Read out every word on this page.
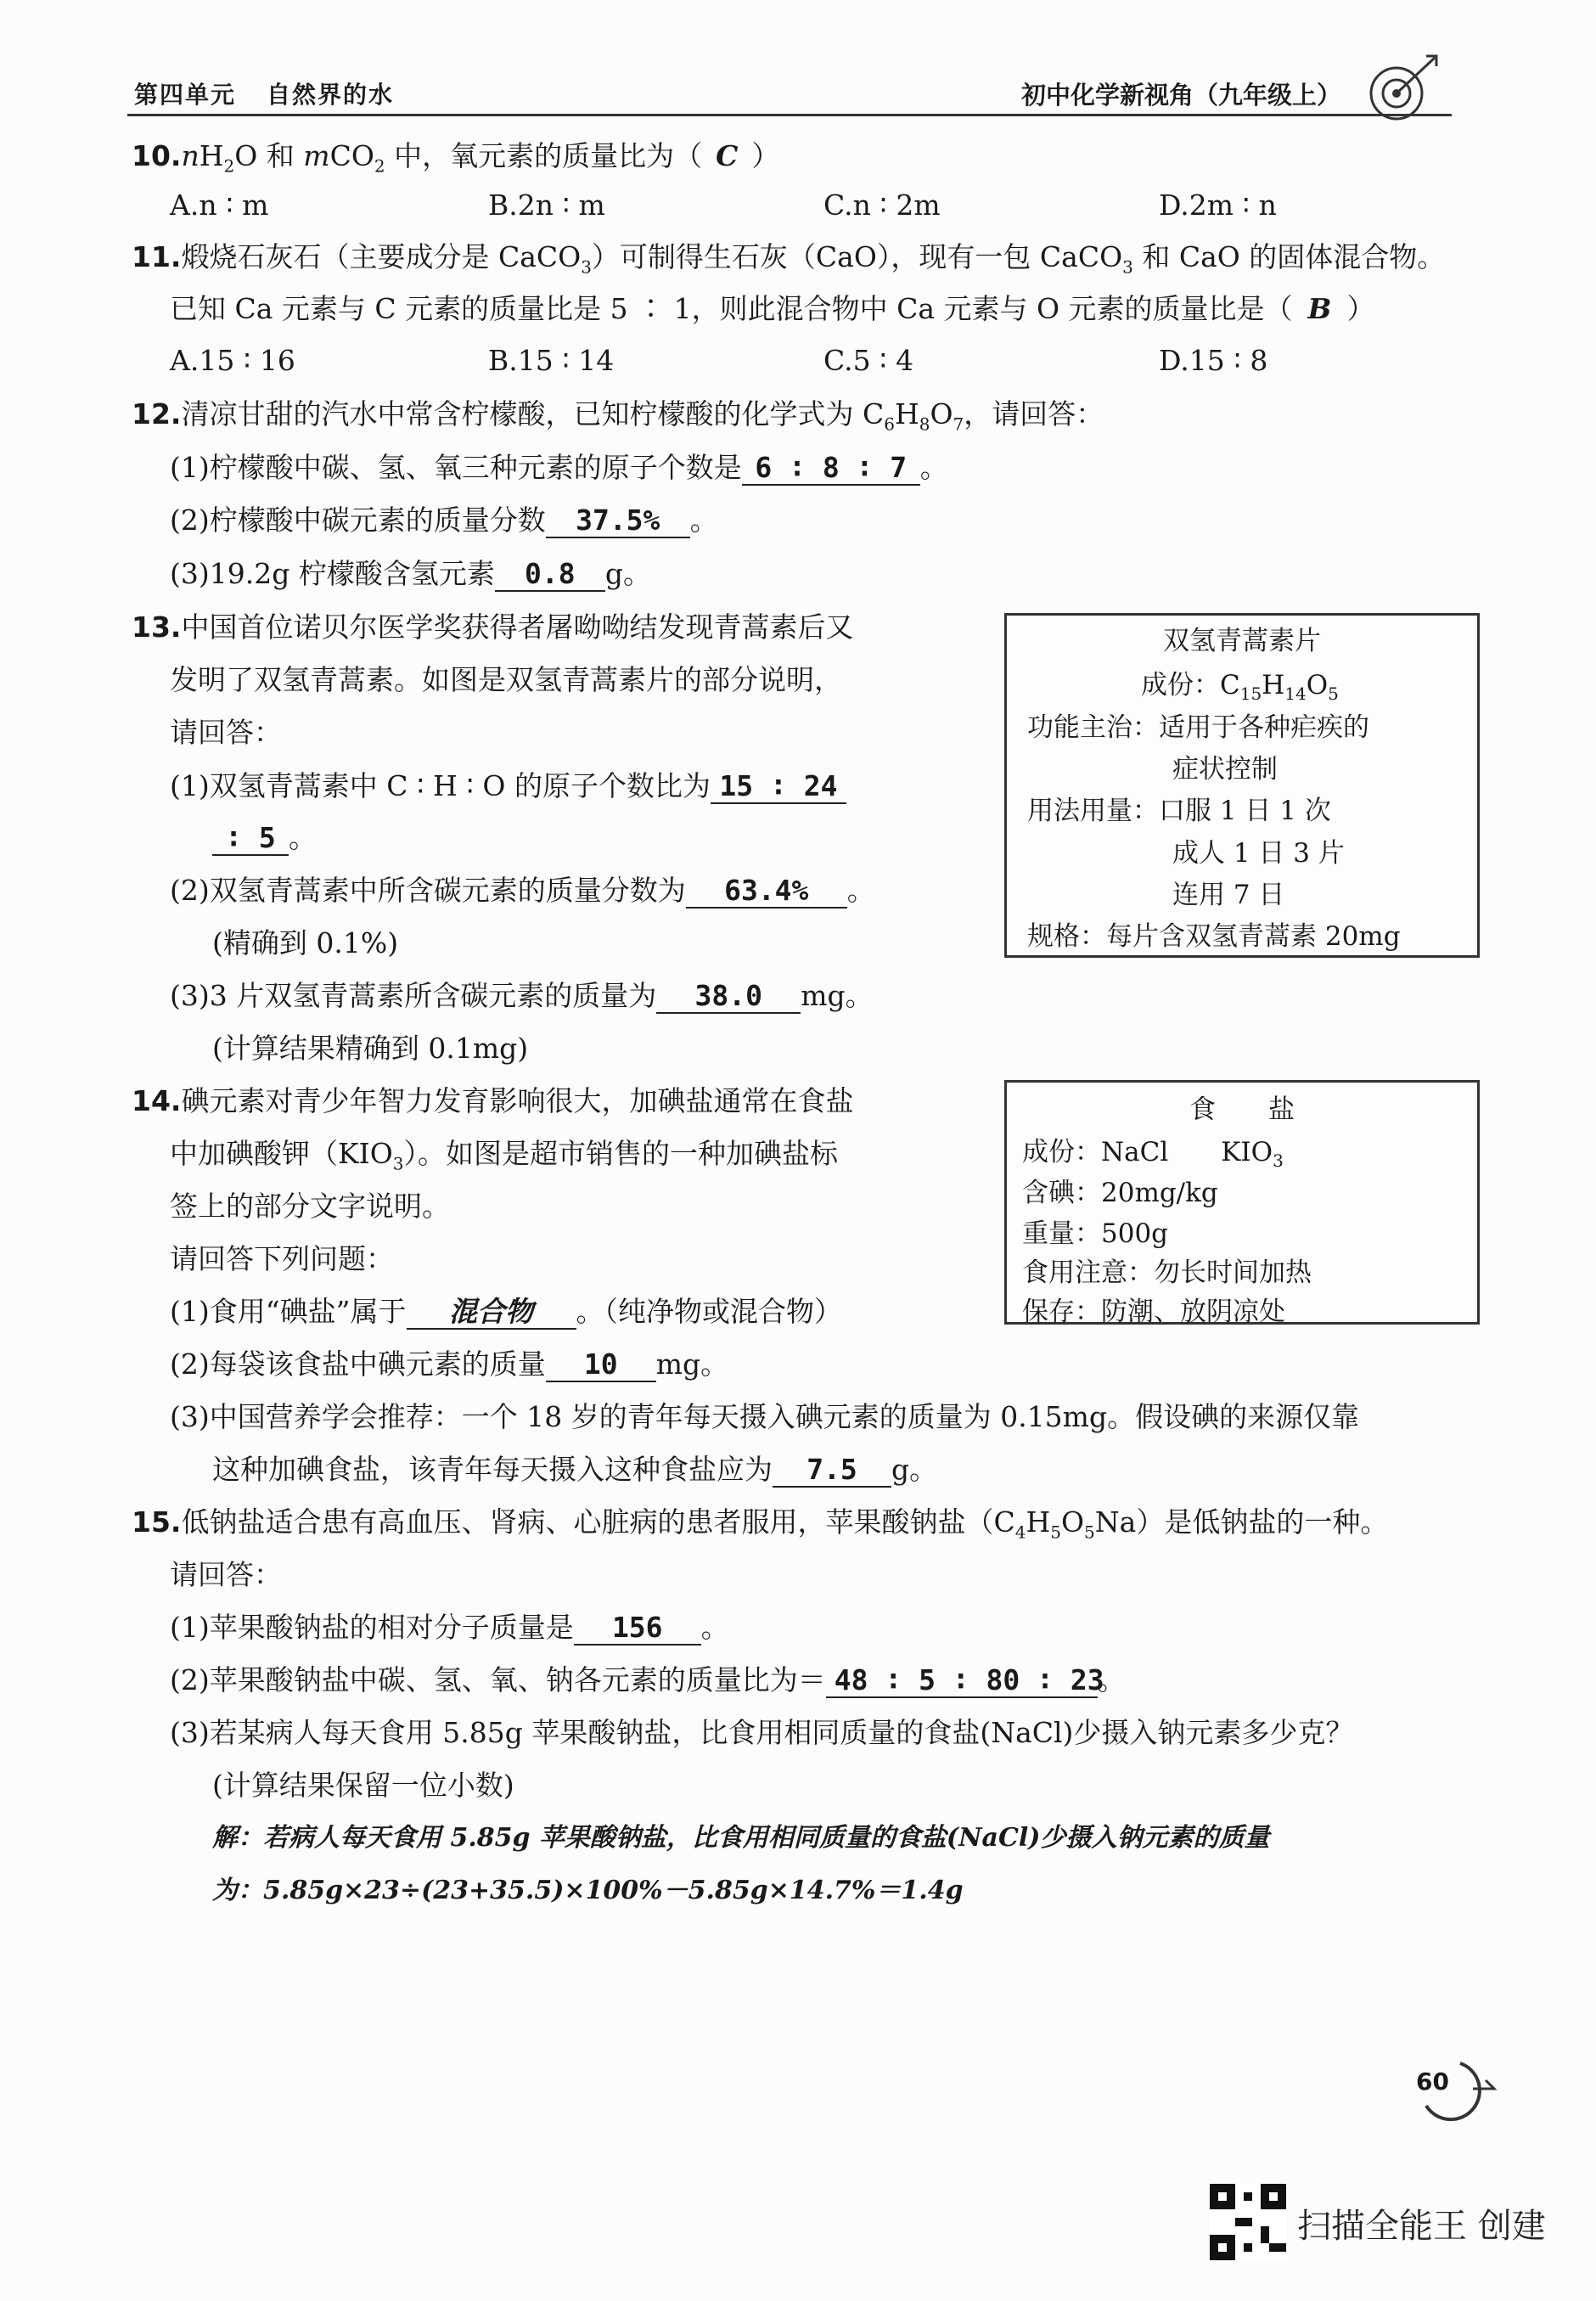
第四单元 自然界的水	初中化学新视角（九年级上）
$10.nH_2O$ 和 mCO$_2$ 中，氧元素的质量比为（ C ）
A.n ∶ m	B.2n ∶ m	C.n ∶ 2m	D.2m ∶ n
11.煅烧石灰石（主要成分是 CaCO$_3$）可制得生石灰（CaO），现有一包 CaCO$_3$ 和 CaO 的固体混合物。
已知 Ca 元素与 C 元素的质量比是 5 ∶ 1，则此混合物中 Ca 元素与 O 元素的质量比是（ B ）
A.15 ∶ 16	B.15 ∶ 14	C.5 ∶ 4	D.15 ∶ 8
12.清凉甘甜的汽水中常含柠檬酸，已知柠檬酸的化学式为 $C_6H_8O_7$，请回答：
(1)柠檬酸中碳、氢、氧三种元素的原子个数是 6 ∶ 8 ∶ 7 。
(2)柠檬酸中碳元素的质量分数 37.5% 。
(3)19.2g 柠檬酸含氢元素 0.8 g。
13.中国首位诺贝尔医学奖获得者屠呦呦结发现青蒿素后又
发明了双氢青蒿素。如图是双氢青蒿素片的部分说明，
请回答：
(1)双氢青蒿素中 C ∶ H ∶ O 的原子个数比为 15 ∶ 24
∶ 5 。
(2)双氢青蒿素中所含碳元素的质量分数为 63.4% 。
(精确到 0.1%)
(3)3 片双氢青蒿素所含碳元素的质量为 38.0 mg。
(计算结果精确到 0.1mg)
双氢青蒿素片
成份：$C_{15}H_{14}O_5$
功能主治：适用于各种疟疾的
症状控制
用法用量：口服 1 日 1 次
成人 1 日 3 片
连用 7 日
规格：每片含双氢青蒿素 20mg
14.碘元素对青少年智力发育影响很大，加碘盐通常在食盐
中加碘酸钾$(KIO_3)$。如图是超市销售的一种加碘盐标
签上的部分文字说明。
请回答下列问题：
(1)食用“碘盐”属于 混合物 。（纯净物或混合物）
(2)每袋该食盐中碘元素的质量 10 mg。
(3)中国营养学会推荐：一个 18 岁的青年每天摄入碘元素的质量为 0.15mg。假设碘的来源仅靠
这种加碘食盐，该青年每天摄入这种食盐应为 7.5 g。
食　　盐
成份：NaCl　　$KIO_3$
含碘：20mg/kg
重量：500g
食用注意：勿长时间加热
保存：防潮、放阴凉处
15.低钠盐适合患有高血压、肾病、心脏病的患者服用，苹果酸钠盐$(C_4H_5O_5Na)$是低钠盐的一种。
请回答：
(1)苹果酸钠盐的相对分子质量是 156 。
(2)苹果酸钠盐中碳、氢、氧、钠各元素的质量比为＝ 48 ∶ 5 ∶ 80 ∶ 23。
(3)若某病人每天食用 5.85g 苹果酸钠盐，比食用相同质量的食盐(NaCl)少摄入钠元素多少克？
(计算结果保留一位小数)
解：若病人每天食用 5.85g 苹果酸钠盐，比食用相同质量的食盐(NaCl)少摄入钠元素的质量
为：5.85g×23÷(23+35.5)×100%－5.85g×14.7%＝1.4g
60
扫描全能王 创建
